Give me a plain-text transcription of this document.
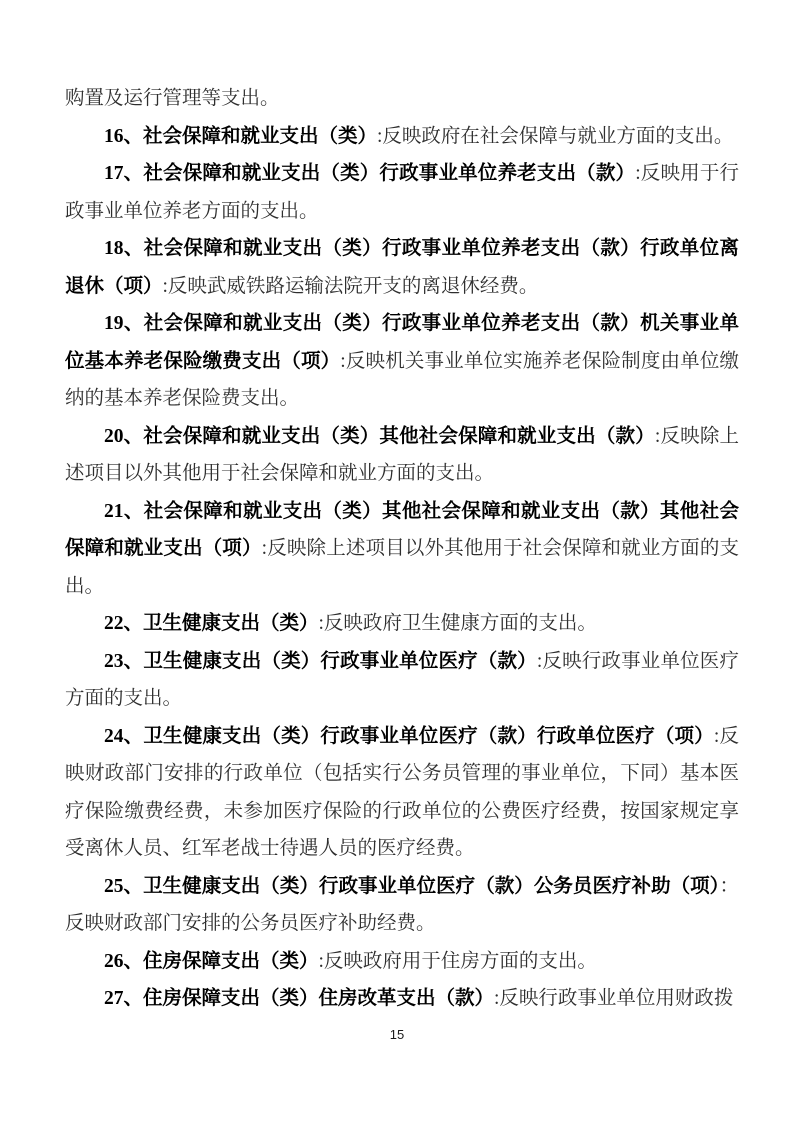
购置及运行管理等支出。

16、社会保障和就业支出（类）:反映政府在社会保障与就业方面的支出。

17、社会保障和就业支出（类）行政事业单位养老支出（款）:反映用于行政事业单位养老方面的支出。

18、社会保障和就业支出（类）行政事业单位养老支出（款）行政单位离退休（项）:反映武威铁路运输法院开支的离退休经费。

19、社会保障和就业支出（类）行政事业单位养老支出（款）机关事业单位基本养老保险缴费支出（项）:反映机关事业单位实施养老保险制度由单位缴纳的基本养老保险费支出。

20、社会保障和就业支出（类）其他社会保障和就业支出（款）:反映除上述项目以外其他用于社会保障和就业方面的支出。

21、社会保障和就业支出（类）其他社会保障和就业支出（款）其他社会保障和就业支出（项）:反映除上述项目以外其他用于社会保障和就业方面的支出。

22、卫生健康支出（类）:反映政府卫生健康方面的支出。

23、卫生健康支出（类）行政事业单位医疗（款）:反映行政事业单位医疗方面的支出。

24、卫生健康支出（类）行政事业单位医疗（款）行政单位医疗（项）:反映财政部门安排的行政单位（包括实行公务员管理的事业单位，下同）基本医疗保险缴费经费，未参加医疗保险的行政单位的公费医疗经费，按国家规定享受离休人员、红军老战士待遇人员的医疗经费。

25、卫生健康支出（类）行政事业单位医疗（款）公务员医疗补助（项）：反映财政部门安排的公务员医疗补助经费。

26、住房保障支出（类）:反映政府用于住房方面的支出。

27、住房保障支出（类）住房改革支出（款）:反映行政事业单位用财政拨

15
